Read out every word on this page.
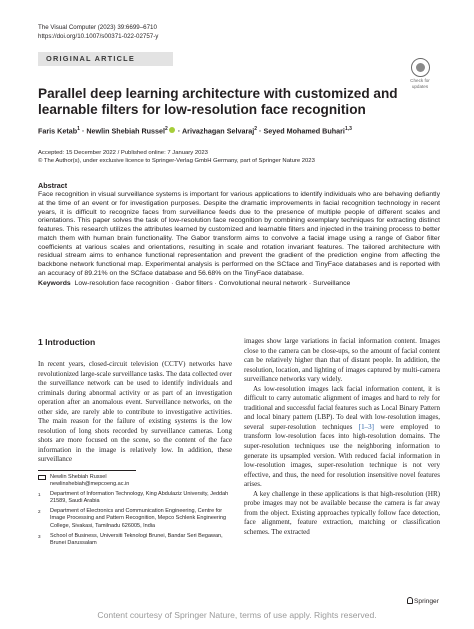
The Visual Computer (2023) 39:6699–6710
https://doi.org/10.1007/s00371-022-02757-y
ORIGINAL ARTICLE
Check for
updates
Parallel deep learning architecture with customized and learnable filters for low-resolution face recognition
Faris Ketab$^1$ · Newlin Shebiah Russel$^2$ · Arivazhagan Selvaraj$^2$ · Seyed Mohamed Buhari$^{1,3}$
Accepted: 15 December 2022 / Published online: 7 January 2023
© The Author(s), under exclusive licence to Springer-Verlag GmbH Germany, part of Springer Nature 2023
Abstract

Face recognition in visual surveillance systems is important for various applications to identify individuals who are behaving defiantly at the time of an event or for investigation purposes. Despite the dramatic improvements in facial recognition technology in recent years, it is difficult to recognize faces from surveillance feeds due to the presence of multiple people of different scales and orientations. This paper solves the task of low-resolution face recognition by combining exemplary techniques for extracting distinct features. This research utilizes the attributes learned by customized and learnable filters and injected in the training process to better match them with human brain functionality. The Gabor transform aims to convolve a facial image using a range of Gabor filter coefficients at various scales and orientations, resulting in scale and rotation invariant features. The tailored architecture with residual stream aims to enhance functional representation and prevent the gradient of the prediction engine from affecting the backbone network functional map. Experimental analysis is performed on the SCface and TinyFace databases and is reported with an accuracy of 89.21% on the SCface database and 56.68% on the TinyFace database.

Keywords Low-resolution face recognition · Gabor filters · Convolutional neural network · Surveillance
1 Introduction

In recent years, closed-circuit television (CCTV) networks have revolutionized large-scale surveillance tasks. The data collected over the surveillance network can be used to identify individuals and criminals during abnormal activity or as part of an investigation operation after an anomalous event. Surveillance networks, on the other side, are rarely able to contribute to investigative activities. The main reason for the failure of existing systems is the low resolution of long shots recorded by surveillance cameras. Long shots are more focused on the scene, so the content of the face information in the image is relatively low. In addition, these surveillance

images show large variations in facial information content. Images close to the camera can be close-ups, so the amount of facial content can be relatively higher than that of distant people. In addition, the resolution, location, and lighting of images captured by multi-camera surveillance networks vary widely.

As low-resolution images lack facial information content, it is difficult to carry automatic alignment of images and hard to rely for traditional and successful facial features such as Local Binary Pattern and local binary pattern (LBP). To deal with low-resolution images, several super-resolution techniques [1–3] were employed to transform low-resolution faces into high-resolution domains. The super-resolution techniques use the neighboring information to generate its upsampled version. With reduced facial information in low-resolution images, super-resolution technique is not very effective, and thus, the need for resolution insensitive novel features arises.

A key challenge in these applications is that high-resolution (HR) probe images may not be available because the camera is far away from the object. Existing approaches typically follow face detection, face alignment, feature extraction, matching or classification schemes. The extracted

Newlin Shebiah Russel
newlinshebiah@mepcoeng.ac.in
$^1$	Department of Information Technology, King Abdulaziz University, Jeddah 21589, Saudi Arabia
$^2$	Department of Electronics and Communication Engineering, Centre for Image Processing and Pattern Recognition, Mepco Schlenk Engineering College, Sivakasi, Tamilnadu 626005, India
$^3$	School of Business, Universiti Teknologi Brunei, Bandar Seri Begawan, Brunei Darussalam
Springer
Content courtesy of Springer Nature, terms of use apply. Rights reserved.
